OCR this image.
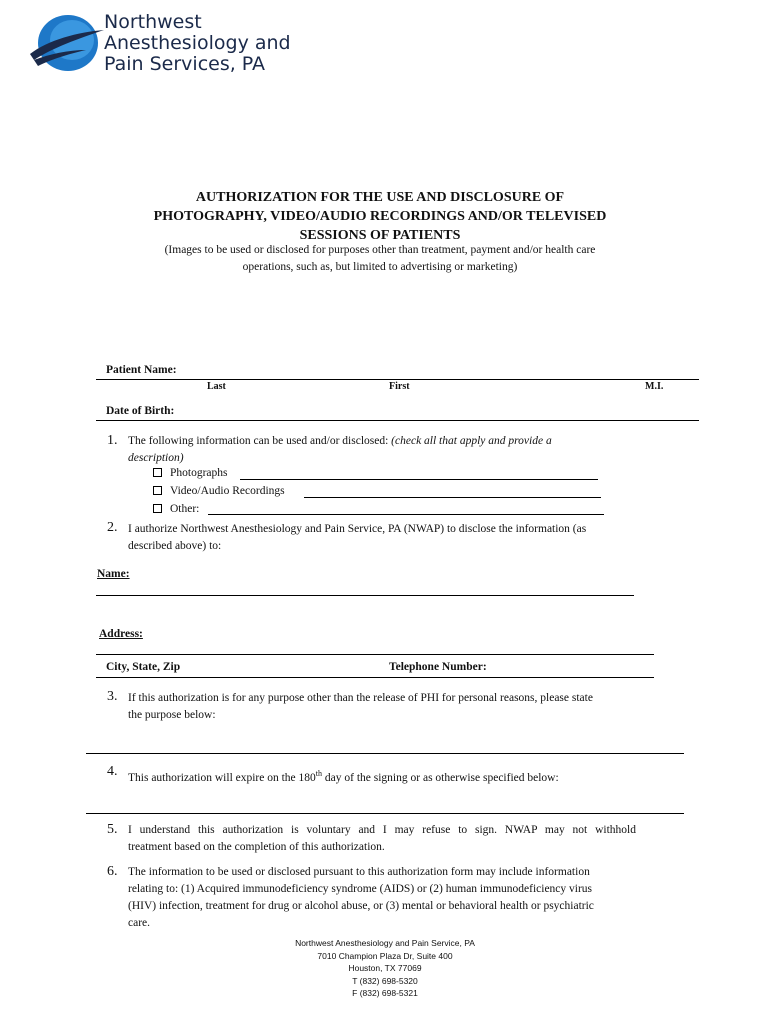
Northwest
Anesthesiology and
Pain Services, PA
AUTHORIZATION FOR THE USE AND DISCLOSURE OF
PHOTOGRAPHY, VIDEO/AUDIO RECORDINGS AND/OR TELEVISED
SESSIONS OF PATIENTS
(Images to be used or disclosed for purposes other than treatment, payment and/or health care
operations, such as, but limited to advertising or marketing)
Patient Name:
Last	First	M.I.
Date of Birth:
1. The following information can be used and/or disclosed: (check all that apply and provide a
description)
Photographs
Video/Audio Recordings
Other:
2. I authorize Northwest Anesthesiology and Pain Service, PA (NWAP) to disclose the information (as
described above) to:
Name:
Address:
City, State, Zip	Telephone Number:
3. If this authorization is for any purpose other than the release of PHI for personal reasons, please state
the purpose below:
4. This authorization will expire on the 180th day of the signing or as otherwise specified below:
5. I understand this authorization is voluntary and I may refuse to sign. NWAP may not withhold
treatment based on the completion of this authorization.
6. The information to be used or disclosed pursuant to this authorization form may include information
relating to: (1) Acquired immunodeficiency syndrome (AIDS) or (2) human immunodeficiency virus
(HIV) infection, treatment for drug or alcohol abuse, or (3) mental or behavioral health or psychiatric
care.
Northwest Anesthesiology and Pain Service, PA
7010 Champion Plaza Dr, Suite 400
Houston, TX 77069
T (832) 698-5320
F (832) 698-5321
